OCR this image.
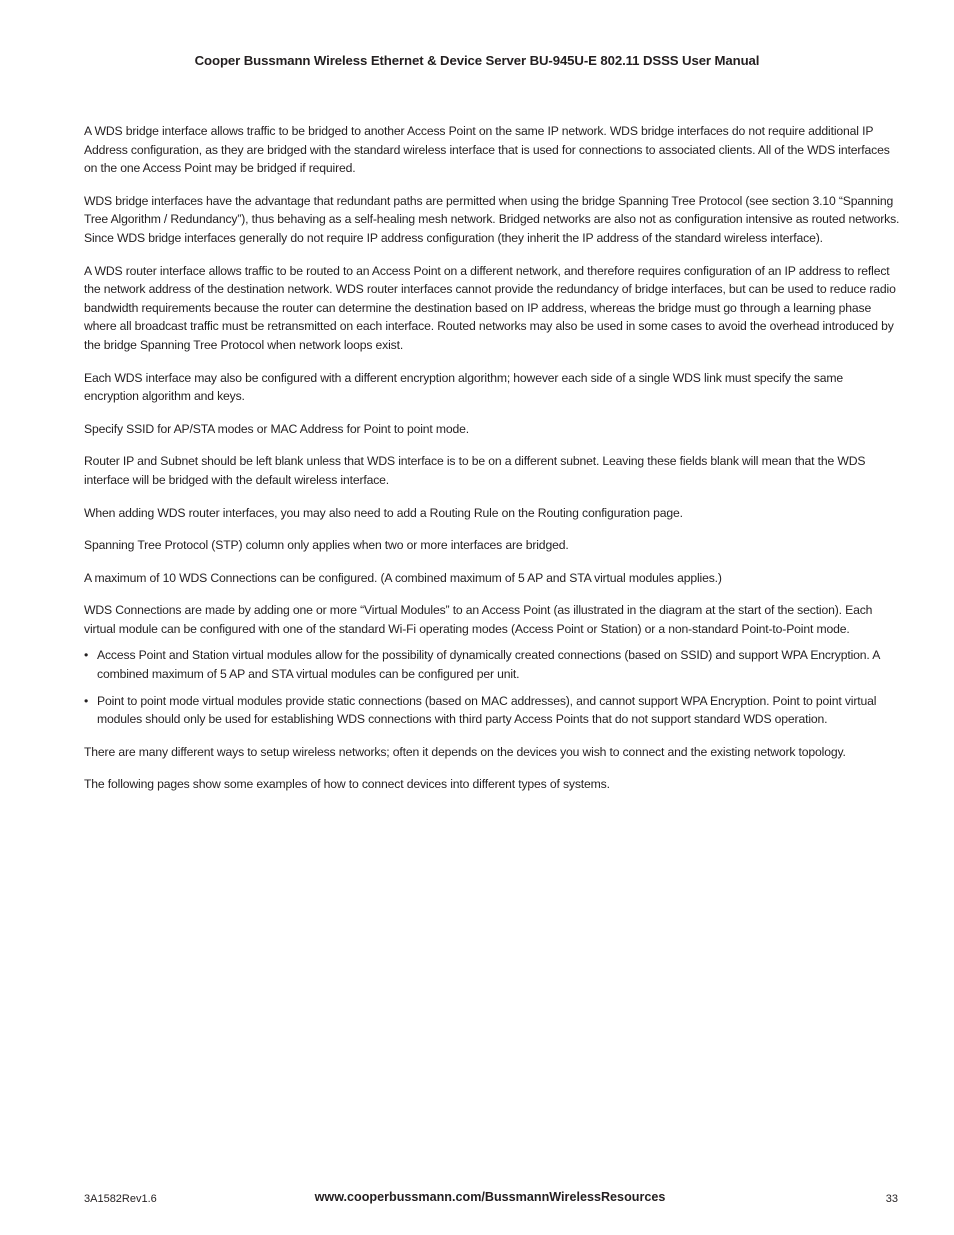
Cooper Bussmann Wireless Ethernet & Device Server BU-945U-E 802.11 DSSS User Manual

A WDS bridge interface allows traffic to be bridged to another Access Point on the same IP network. WDS bridge interfaces do not require additional IP Address configuration, as they are bridged with the standard wireless interface that is used for connections to associated clients. All of the WDS interfaces on the one Access Point may be bridged if required.

WDS bridge interfaces have the advantage that redundant paths are permitted when using the bridge Spanning Tree Protocol (see section 3.10 “Spanning Tree Algorithm / Redundancy”), thus behaving as a self-healing mesh network. Bridged networks are also not as configuration intensive as routed networks. Since WDS bridge interfaces generally do not require IP address configuration (they inherit the IP address of the standard wireless interface).

A WDS router interface allows traffic to be routed to an Access Point on a different network, and therefore requires configuration of an IP address to reflect the network address of the destination network. WDS router interfaces cannot provide the redundancy of bridge interfaces, but can be used to reduce radio bandwidth requirements because the router can determine the destination based on IP address, whereas the bridge must go through a learning phase where all broadcast traffic must be retransmitted on each interface. Routed networks may also be used in some cases to avoid the overhead introduced by the bridge Spanning Tree Protocol when network loops exist.

Each WDS interface may also be configured with a different encryption algorithm; however each side of a single WDS link must specify the same encryption algorithm and keys.

Specify SSID for AP/STA modes or MAC Address for Point to point mode.

Router IP and Subnet should be left blank unless that WDS interface is to be on a different subnet. Leaving these fields blank will mean that the WDS interface will be bridged with the default wireless interface.

When adding WDS router interfaces, you may also need to add a Routing Rule on the Routing configuration page.

Spanning Tree Protocol (STP) column only applies when two or more interfaces are bridged.

A maximum of 10 WDS Connections can be configured. (A combined maximum of 5 AP and STA virtual modules applies.)

WDS Connections are made by adding one or more “Virtual Modules” to an Access Point (as illustrated in the diagram at the start of the section). Each virtual module can be configured with one of the standard Wi-Fi operating modes (Access Point or Station) or a non-standard Point-to-Point mode.

• Access Point and Station virtual modules allow for the possibility of dynamically created connections (based on SSID) and support WPA Encryption. A combined maximum of 5 AP and STA virtual modules can be configured per unit.
• Point to point mode virtual modules provide static connections (based on MAC addresses), and cannot support WPA Encryption. Point to point virtual modules should only be used for establishing WDS connections with third party Access Points that do not support standard WDS operation.

There are many different ways to setup wireless networks; often it depends on the devices you wish to connect and the existing network topology.

The following pages show some examples of how to connect devices into different types of systems.

3A1582Rev1.6	www.cooperbussmann.com/BussmannWirelessResources	33
